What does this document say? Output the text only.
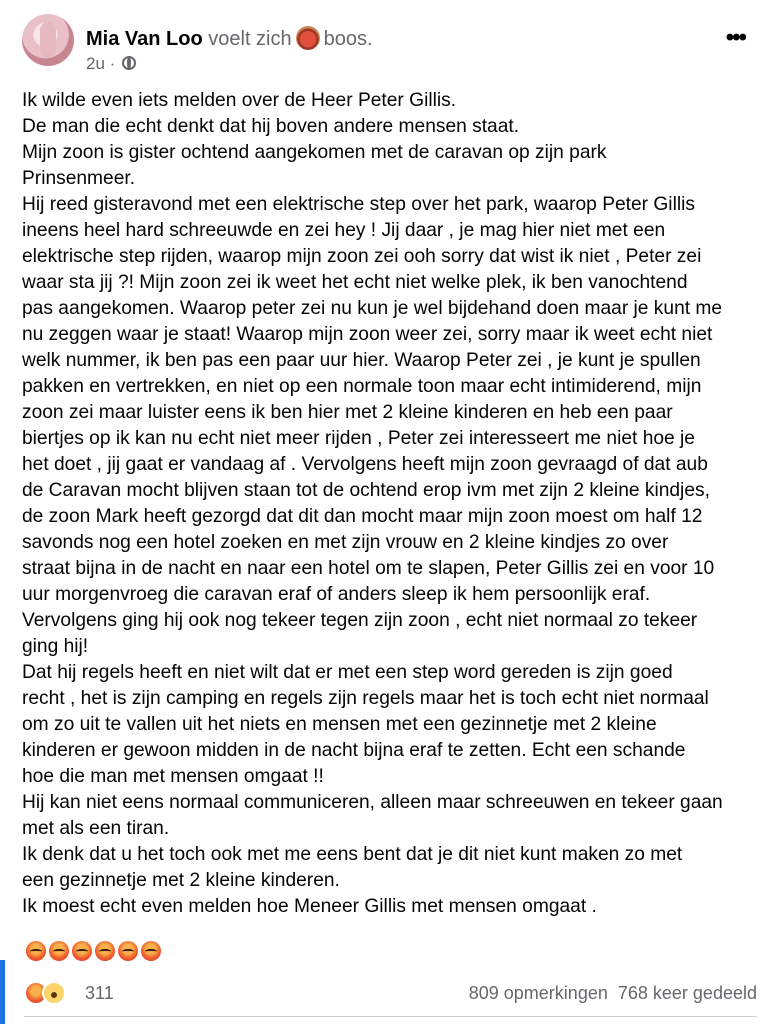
Mia Van Loo voelt zich boos.
2u ·
•••

Ik wilde even iets melden over de Heer Peter Gillis.

De man die echt denkt dat hij boven andere mensen staat.

Mijn zoon is gister ochtend aangekomen met de caravan op zijn park

Prinsenmeer.

Hij reed gisteravond met een elektrische step over het park, waarop Peter Gillis

ineens heel hard schreeuwde en zei hey ! Jij daar , je mag hier niet met een

elektrische step rijden, waarop mijn zoon zei ooh sorry dat wist ik niet , Peter zei

waar sta jij ?! Mijn zoon zei ik weet het echt niet welke plek, ik ben vanochtend

pas aangekomen. Waarop peter zei nu kun je wel bijdehand doen maar je kunt me

nu zeggen waar je staat! Waarop mijn zoon weer zei, sorry maar ik weet echt niet

welk nummer, ik ben pas een paar uur hier. Waarop Peter zei , je kunt je spullen

pakken en vertrekken, en niet op een normale toon maar echt intimiderend, mijn

zoon zei maar luister eens ik ben hier met 2 kleine kinderen en heb een paar

biertjes op ik kan nu echt niet meer rijden , Peter zei interesseert me niet hoe je

het doet , jij gaat er vandaag af . Vervolgens heeft mijn zoon gevraagd of dat aub

de Caravan mocht blijven staan tot de ochtend erop ivm met zijn 2 kleine kindjes,

de zoon Mark heeft gezorgd dat dit dan mocht maar mijn zoon moest om half 12

savonds nog een hotel zoeken en met zijn vrouw en 2 kleine kindjes zo over

straat bijna in de nacht en naar een hotel om te slapen, Peter Gillis zei en voor 10

uur morgenvroeg die caravan eraf of anders sleep ik hem persoonlijk eraf.

Vervolgens ging hij ook nog tekeer tegen zijn zoon , echt niet normaal zo tekeer

ging hij!

Dat hij regels heeft en niet wilt dat er met een step word gereden is zijn goed

recht , het is zijn camping en regels zijn regels maar het is toch echt niet normaal

om zo uit te vallen uit het niets en mensen met een gezinnetje met 2 kleine

kinderen er gewoon midden in de nacht bijna eraf te zetten. Echt een schande

hoe die man met mensen omgaat !!

Hij kan niet eens normaal communiceren, alleen maar schreeuwen en tekeer gaan

met als een tiran.

Ik denk dat u het toch ook met me eens bent dat je dit niet kunt maken zo met

een gezinnetje met 2 kleine kinderen.

Ik moest echt even melden hoe Meneer Gillis met mensen omgaat .

311	809 opmerkingen 768 keer gedeeld
